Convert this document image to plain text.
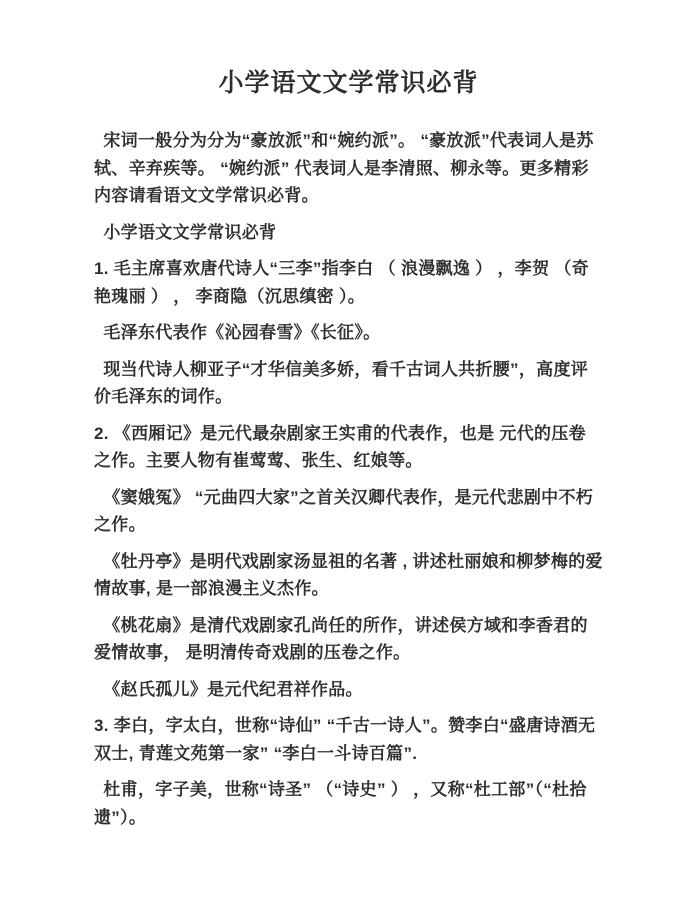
小学语文文学常识必背

宋词一般分为分为“豪放派”和“婉约派”。 “豪放派”代表词人是苏轼、辛弃疾等。 “婉约派” 代表词人是李清照、柳永等。更多精彩内容请看语文文学常识必背。

小学语文文学常识必背

1. 毛主席喜欢唐代诗人“三李”指李白 （ 浪漫飘逸 ） ，李贺 （奇艳瑰丽 ） ， 李商隐（沉思缜密 ）。

毛泽东代表作《沁园春雪》《长征》。

现当代诗人柳亚子“才华信美多娇，看千古词人共折腰”，高度评价毛泽东的词作。

2. 《西厢记》是元代最杂剧家王实甫的代表作，也是 元代的压卷之作。主要人物有崔莺莺、张生、红娘等。

《窦娥冤》 “元曲四大家”之首关汉卿代表作，是元代悲剧中不朽之作。

《牡丹亭》是明代戏剧家汤显祖的名著 , 讲述杜丽娘和柳梦梅的爱情故事, 是一部浪漫主义杰作。

《桃花扇》是清代戏剧家孔尚任的所作，讲述侯方域和李香君的爱情故事， 是明清传奇戏剧的压卷之作。

《赵氏孤儿》是元代纪君祥作品。

3. 李白，字太白，世称“诗仙” “千古一诗人”。赞李白“盛唐诗酒无双士, 青莲文苑第一家” “李白一斗诗百篇”.

杜甫，字子美，世称“诗圣” （“诗史” ） ，又称“杜工部”（“杜拾 遗”）。
